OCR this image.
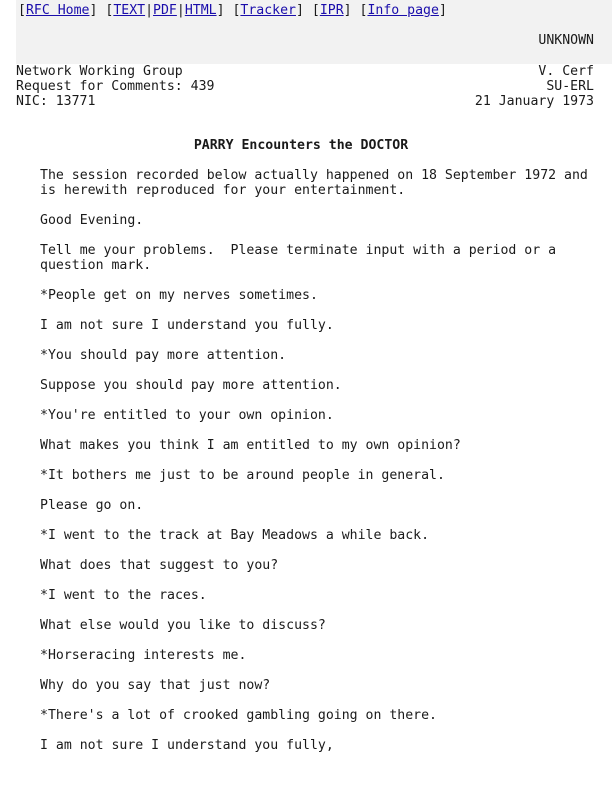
[RFC Home] [TEXT|PDF|HTML] [Tracker] [IPR] [Info page]
UNKNOWN
Network Working Group
Request for Comments: 439
NIC: 13771
V. Cerf
SU-ERL
21 January 1973
PARRY Encounters the DOCTOR

The session recorded below actually happened on 18 September 1972 and
is herewith reproduced for your entertainment.

Good Evening.

Tell me your problems.  Please terminate input with a period or a
question mark.

*People get on my nerves sometimes.

I am not sure I understand you fully.

*You should pay more attention.

Suppose you should pay more attention.

*You're entitled to your own opinion.

What makes you think I am entitled to my own opinion?

*It bothers me just to be around people in general.

Please go on.

*I went to the track at Bay Meadows a while back.

What does that suggest to you?

*I went to the races.

What else would you like to discuss?

*Horseracing interests me.

Why do you say that just now?

*There's a lot of crooked gambling going on there.

I am not sure I understand you fully,
